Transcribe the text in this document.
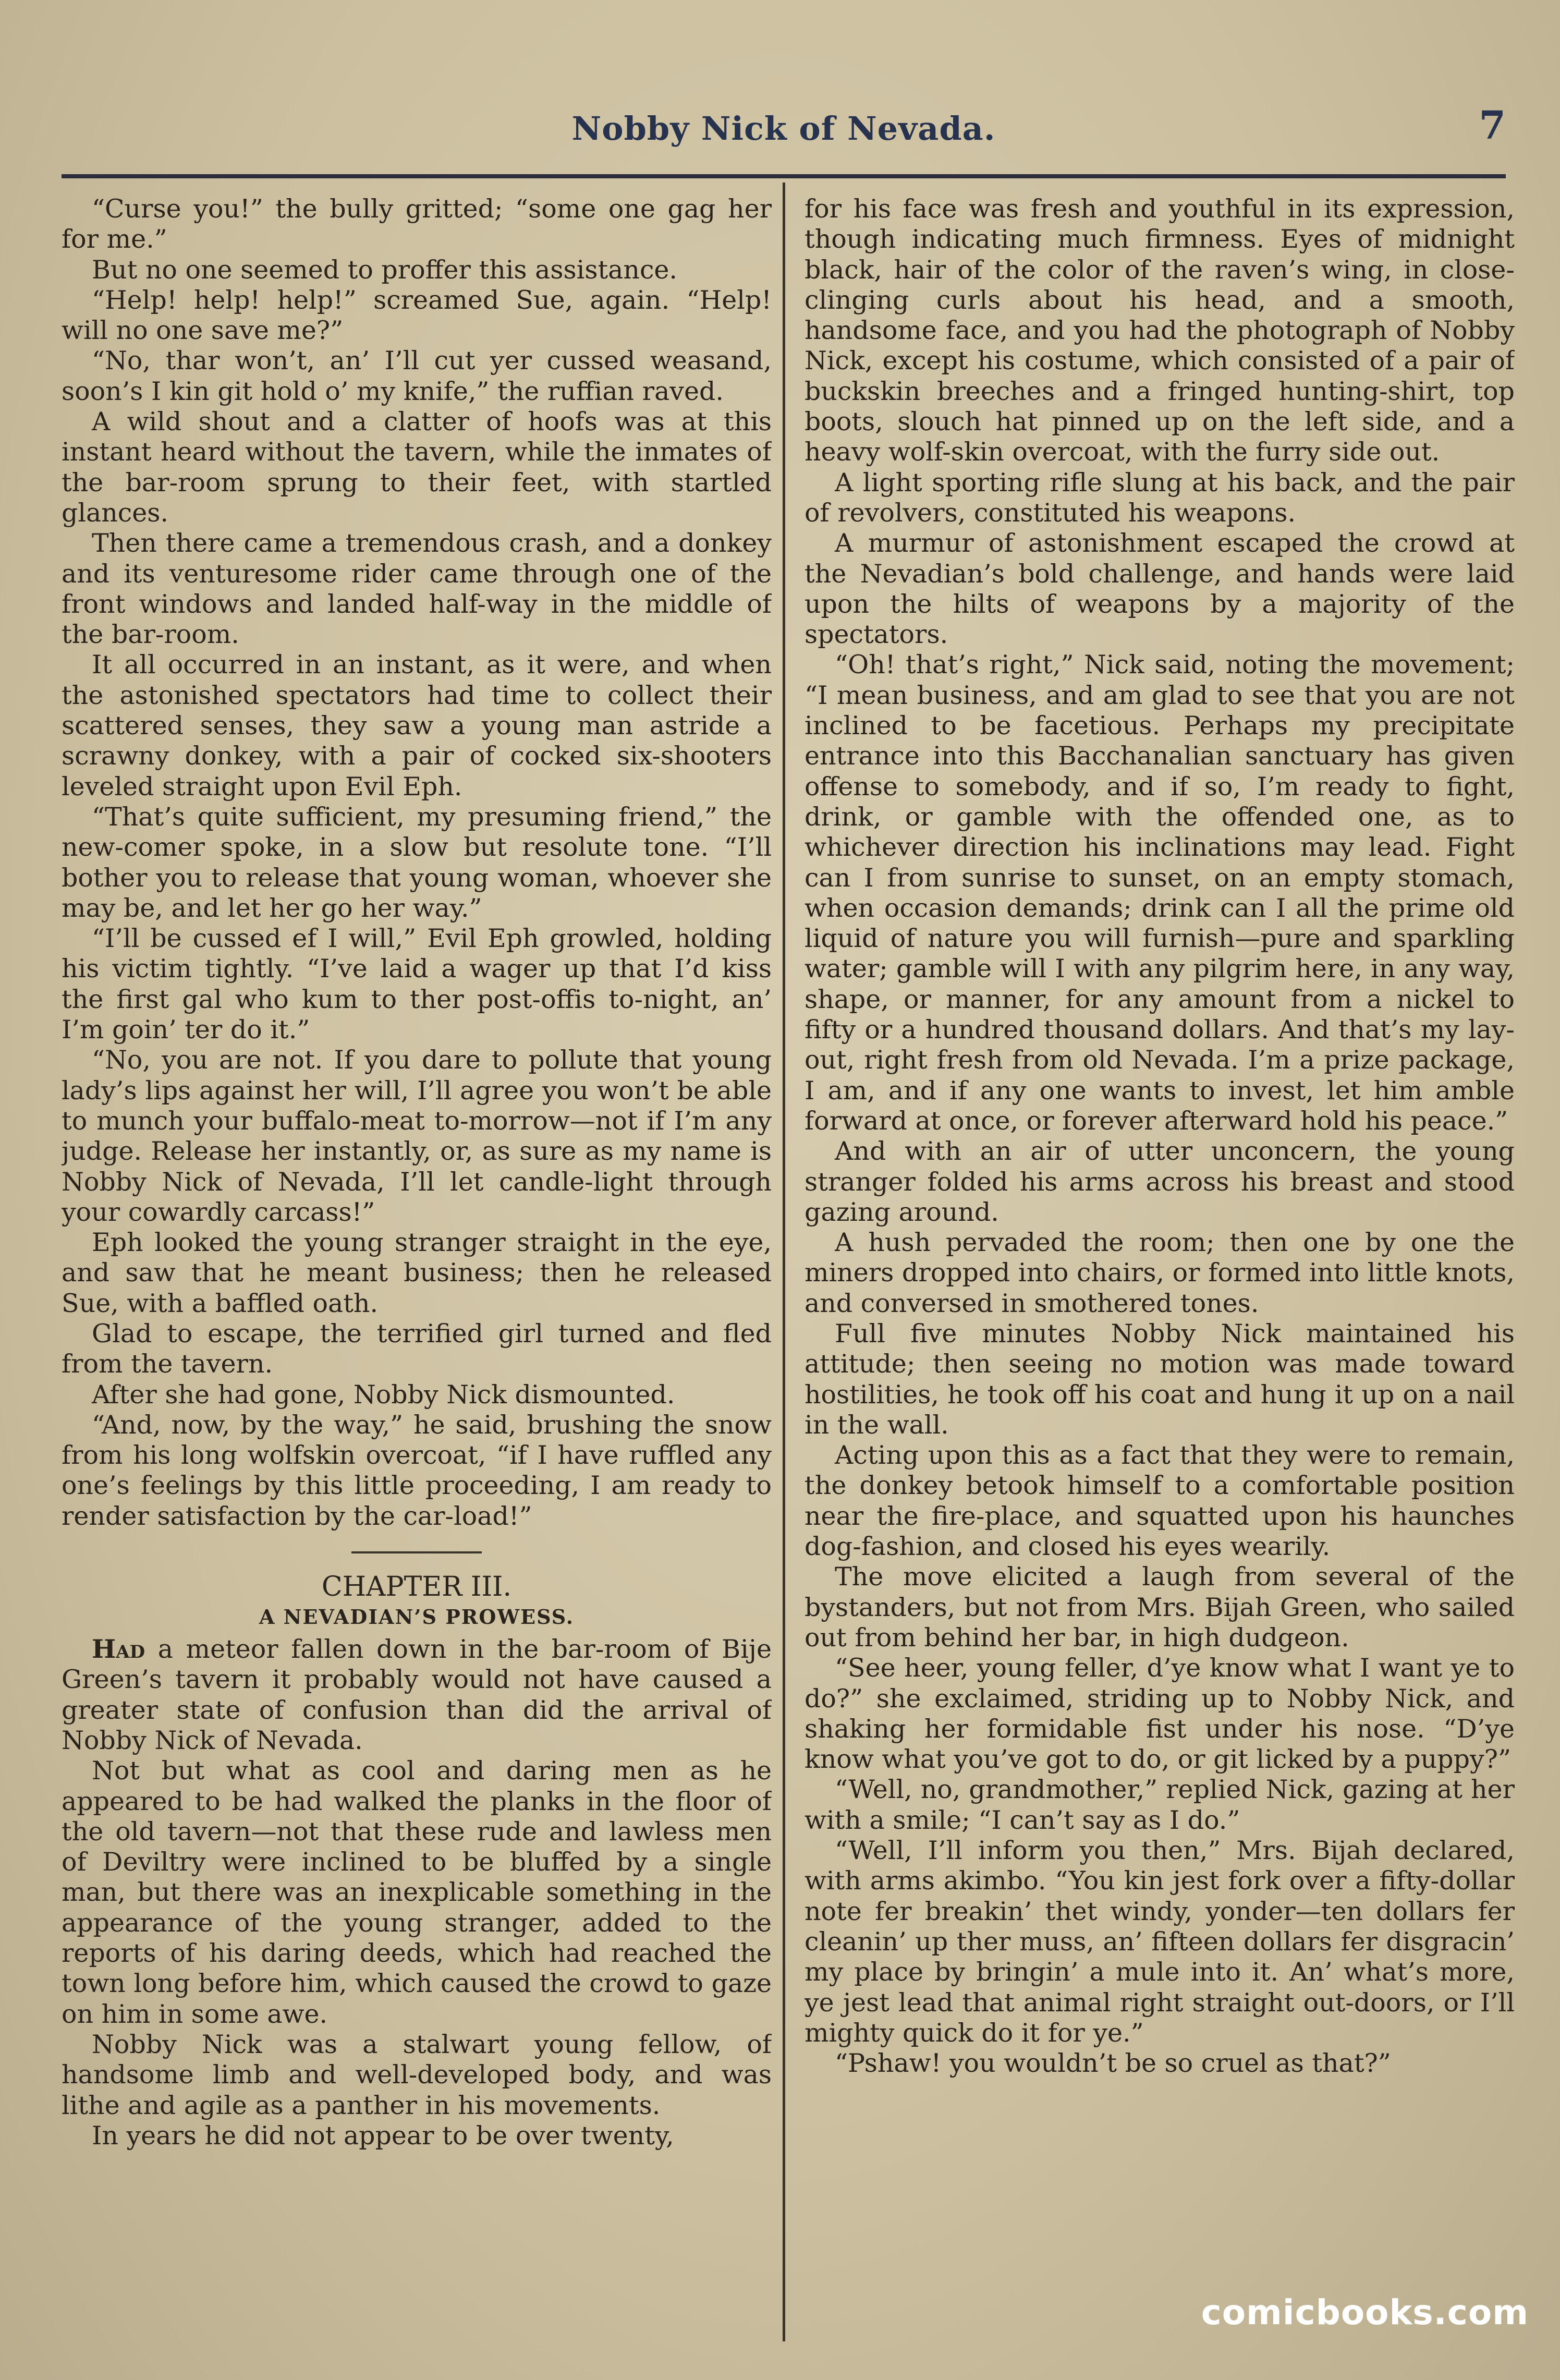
Nobby Nick of Nevada.	7

“Curse you!” the bully gritted; “some one gag her for me.”

But no one seemed to proffer this assistance.

“Help! help! help!” screamed Sue, again. “Help! will no one save me?”

“No, thar won’t, an’ I’ll cut yer cussed weasand, soon’s I kin git hold o’ my knife,” the ruffian raved.

A wild shout and a clatter of hoofs was at this instant heard without the tavern, while the inmates of the bar-room sprung to their feet, with startled glances.

Then there came a tremendous crash, and a donkey and its venturesome rider came through one of the front windows and landed half-way in the middle of the bar-room.

It all occurred in an instant, as it were, and when the astonished spectators had time to collect their scattered senses, they saw a young man astride a scrawny donkey, with a pair of cocked six-shooters leveled straight upon Evil Eph.

“That’s quite sufficient, my presuming friend,” the new-comer spoke, in a slow but resolute tone. “I’ll bother you to release that young woman, whoever she may be, and let her go her way.”

“I’ll be cussed ef I will,” Evil Eph growled, holding his victim tightly. “I’ve laid a wager up that I’d kiss the first gal who kum to ther post-offis to-night, an’ I’m goin’ ter do it.”

“No, you are not. If you dare to pollute that young lady’s lips against her will, I’ll agree you won’t be able to munch your buffalo-meat to-morrow—not if I’m any judge. Release her instantly, or, as sure as my name is Nobby Nick of Nevada, I’ll let candle-light through your cowardly carcass!”

Eph looked the young stranger straight in the eye, and saw that he meant business; then he released Sue, with a baffled oath.

Glad to escape, the terrified girl turned and fled from the tavern.

After she had gone, Nobby Nick dismounted.

“And, now, by the way,” he said, brushing the snow from his long wolfskin overcoat, “if I have ruffled any one’s feelings by this little proceeding, I am ready to render satisfaction by the car-load!”

CHAPTER III.

A NEVADIAN’S PROWESS.

Had a meteor fallen down in the bar-room of Bije Green’s tavern it probably would not have caused a greater state of confusion than did the arrival of Nobby Nick of Nevada.

Not but what as cool and daring men as he appeared to be had walked the planks in the floor of the old tavern—not that these rude and lawless men of Deviltry were inclined to be bluffed by a single man, but there was an inexplicable something in the appearance of the young stranger, added to the reports of his daring deeds, which had reached the town long before him, which caused the crowd to gaze on him in some awe.

Nobby Nick was a stalwart young fellow, of handsome limb and well-developed body, and was lithe and agile as a panther in his movements.

In years he did not appear to be over twenty,

for his face was fresh and youthful in its expression, though indicating much firmness. Eyes of midnight black, hair of the color of the raven’s wing, in close-clinging curls about his head, and a smooth, handsome face, and you had the photograph of Nobby Nick, except his costume, which consisted of a pair of buckskin breeches and a fringed hunting-shirt, top boots, slouch hat pinned up on the left side, and a heavy wolf-skin overcoat, with the furry side out.

A light sporting rifle slung at his back, and the pair of revolvers, constituted his weapons.

A murmur of astonishment escaped the crowd at the Nevadian’s bold challenge, and hands were laid upon the hilts of weapons by a majority of the spectators.

“Oh! that’s right,” Nick said, noting the movement; “I mean business, and am glad to see that you are not inclined to be facetious. Perhaps my precipitate entrance into this Bacchanalian sanctuary has given offense to somebody, and if so, I’m ready to fight, drink, or gamble with the offended one, as to whichever direction his inclinations may lead. Fight can I from sunrise to sunset, on an empty stomach, when occasion demands; drink can I all the prime old liquid of nature you will furnish—pure and sparkling water; gamble will I with any pilgrim here, in any way, shape, or manner, for any amount from a nickel to fifty or a hundred thousand dollars. And that’s my lay-out, right fresh from old Nevada. I’m a prize package, I am, and if any one wants to invest, let him amble forward at once, or forever afterward hold his peace.”

And with an air of utter unconcern, the young stranger folded his arms across his breast and stood gazing around.

A hush pervaded the room; then one by one the miners dropped into chairs, or formed into little knots, and conversed in smothered tones.

Full five minutes Nobby Nick maintained his attitude; then seeing no motion was made toward hostilities, he took off his coat and hung it up on a nail in the wall.

Acting upon this as a fact that they were to remain, the donkey betook himself to a comfortable position near the fire-place, and squatted upon his haunches dog-fashion, and closed his eyes wearily.

The move elicited a laugh from several of the bystanders, but not from Mrs. Bijah Green, who sailed out from behind her bar, in high dudgeon.

“See heer, young feller, d’ye know what I want ye to do?” she exclaimed, striding up to Nobby Nick, and shaking her formidable fist under his nose. “D’ye know what you’ve got to do, or git licked by a puppy?”

“Well, no, grandmother,” replied Nick, gazing at her with a smile; “I can’t say as I do.”

“Well, I’ll inform you then,” Mrs. Bijah declared, with arms akimbo. “You kin jest fork over a fifty-dollar note fer breakin’ thet windy, yonder—ten dollars fer cleanin’ up ther muss, an’ fifteen dollars fer disgracin’ my place by bringin’ a mule into it. An’ what’s more, ye jest lead that animal right straight out-doors, or I’ll mighty quick do it for ye.”

“Pshaw! you wouldn’t be so cruel as that?”

comicbooks.com
